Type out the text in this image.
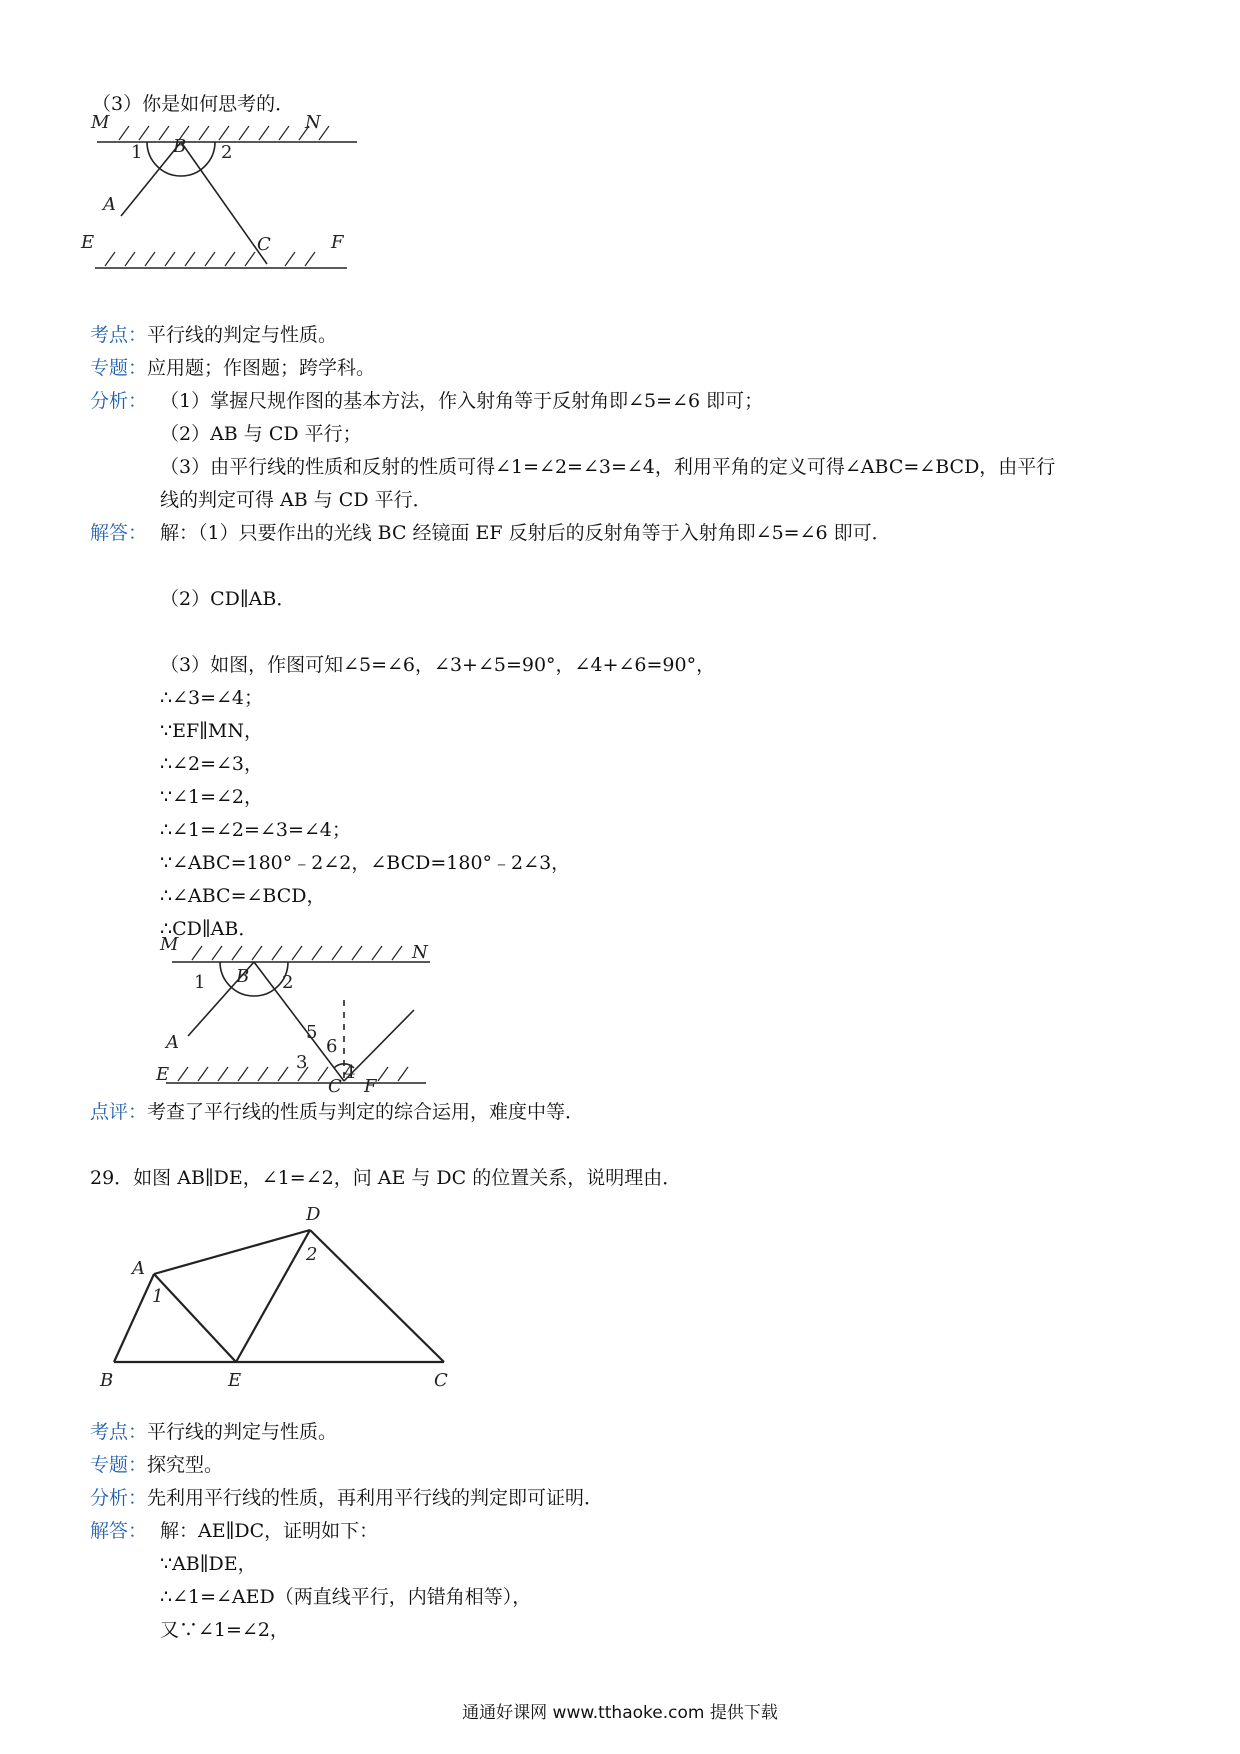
（3）你是如何思考的．
M	N
E	F
A
B
C
1	2
考点：平行线的判定与性质。
专题：应用题；作图题；跨学科。
分析： （1）掌握尺规作图的基本方法，作入射角等于反射角即∠5=∠6 即可；
（2）AB 与 CD 平行；
（3）由平行线的性质和反射的性质可得∠1=∠2=∠3=∠4，利用平角的定义可得∠ABC=∠BCD，由平行
线的判定可得 AB 与 CD 平行．
解答： 解：（1）只要作出的光线 BC 经镜面 EF 反射后的反射角等于入射角即∠5=∠6 即可．
（2）CD∥AB．
（3）如图，作图可知∠5=∠6，∠3+∠5=90°，∠4+∠6=90°，
∴∠3=∠4；
∵EF∥MN，
∴∠2=∠3，
∵∠1=∠2，
∴∠1=∠2=∠3=∠4；
∵∠ABC=180°﹣2∠2，∠BCD=180°﹣2∠3，
∴∠ABC=∠BCD，
∴CD∥AB．
M	N
E
F
A
B
C
1	2
3 4
5
6
点评：考查了平行线的性质与判定的综合运用，难度中等．
29．如图 AB∥DE，∠1=∠2，问 AE 与 DC 的位置关系，说明理由．
A
B	C
D
E
1
2
考点：平行线的判定与性质。
专题：探究型。
分析：先利用平行线的性质，再利用平行线的判定即可证明．
解答： 解：AE∥DC，证明如下：
∵AB∥DE，
∴∠1=∠AED（两直线平行，内错角相等），
又∵∠1=∠2，
通通好课网 www.tthaoke.com 提供下载
